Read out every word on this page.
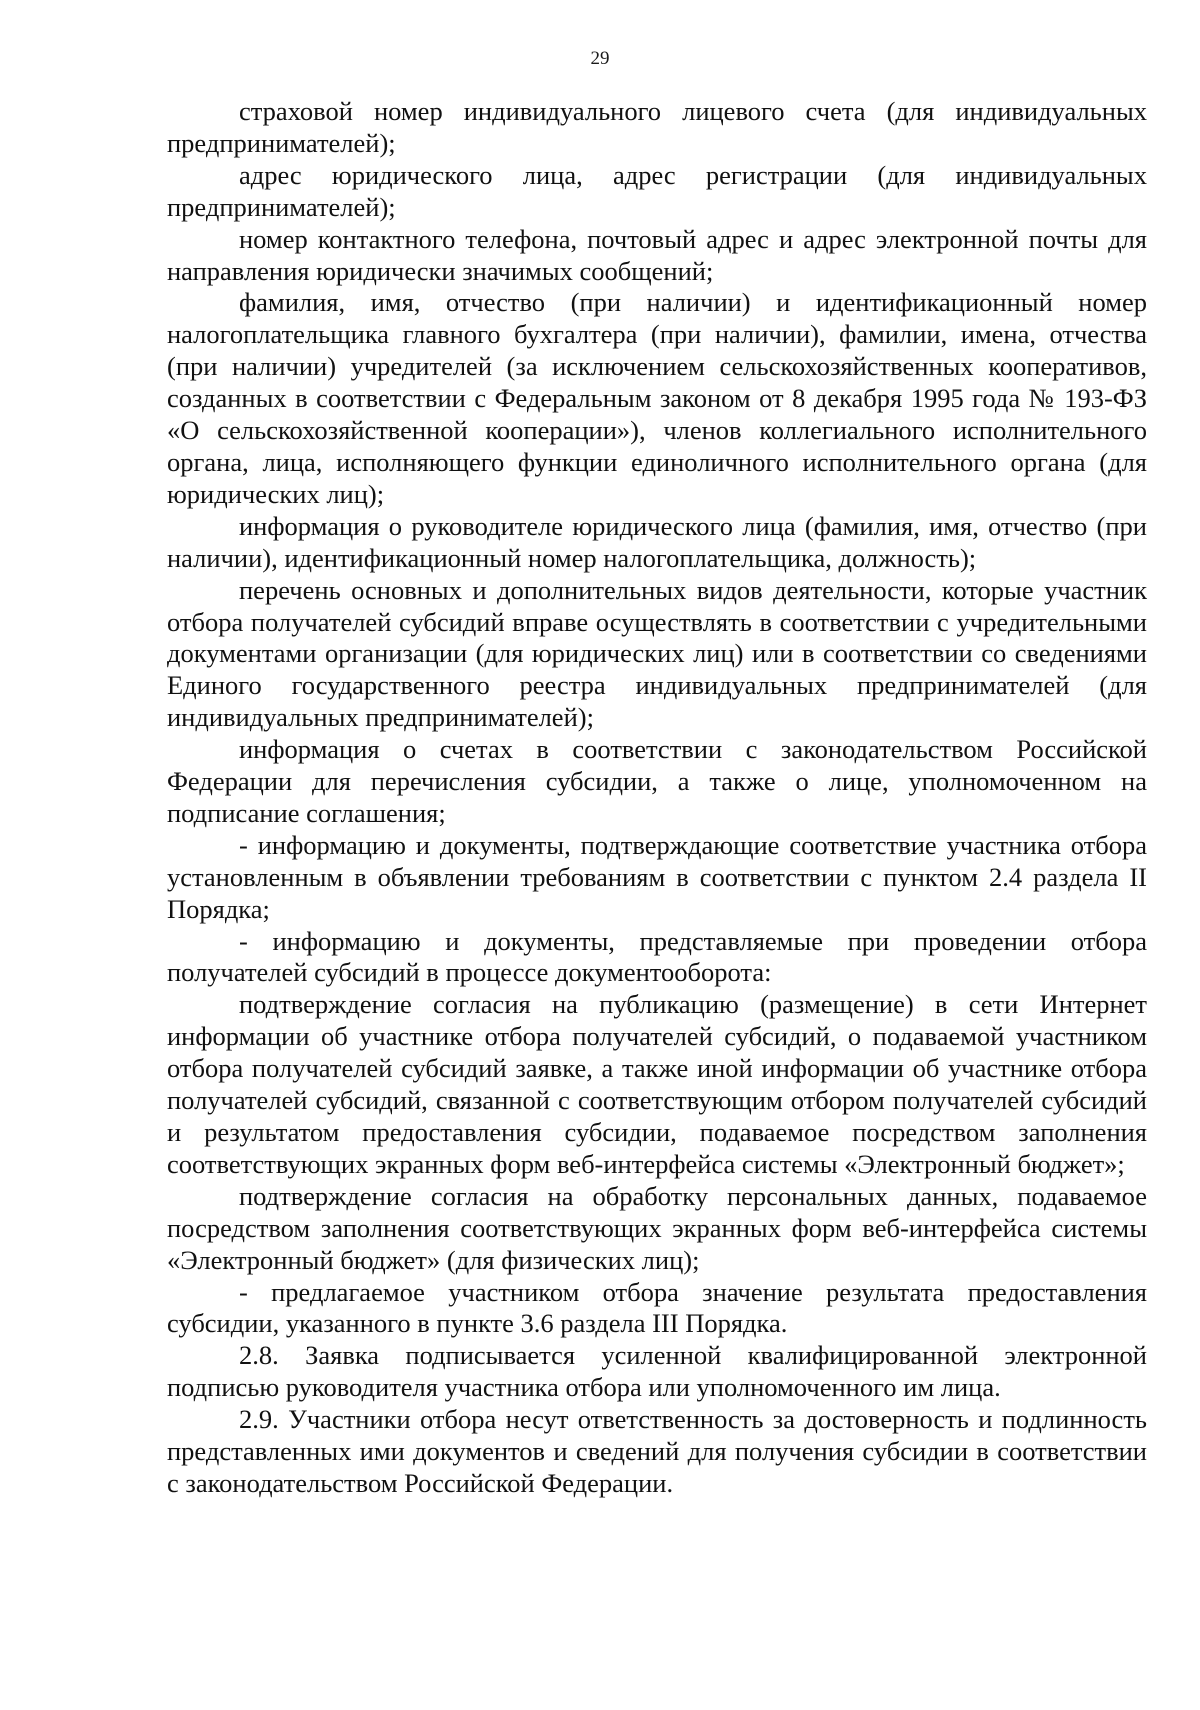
29

страховой номер индивидуального лицевого счета (для индивидуальных предпринимателей);

адрес юридического лица, адрес регистрации (для индивидуальных предпринимателей);

номер контактного телефона, почтовый адрес и адрес электронной почты для направления юридически значимых сообщений;

фамилия, имя, отчество (при наличии) и идентификационный номер налогоплательщика главного бухгалтера (при наличии), фамилии, имена, отчества (при наличии) учредителей (за исключением сельскохозяйственных кооперативов, созданных в соответствии с Федеральным законом от 8 декабря 1995 года № 193-ФЗ «О сельскохозяйственной кооперации»), членов коллегиального исполнительного органа, лица, исполняющего функции единоличного исполнительного органа (для юридических лиц);

информация о руководителе юридического лица (фамилия, имя, отчество (при наличии), идентификационный номер налогоплательщика, должность);

перечень основных и дополнительных видов деятельности, которые участник отбора получателей субсидий вправе осуществлять в соответствии с учредительными документами организации (для юридических лиц) или в соответствии со сведениями Единого государственного реестра индивидуальных предпринимателей (для индивидуальных предпринимателей);

информация о счетах в соответствии с законодательством Российской Федерации для перечисления субсидии, а также о лице, уполномоченном на подписание соглашения;

- информацию и документы, подтверждающие соответствие участника отбора установленным в объявлении требованиям в соответствии с пунктом 2.4 раздела II Порядка;

- информацию и документы, представляемые при проведении отбора получателей субсидий в процессе документооборота:

подтверждение согласия на публикацию (размещение) в сети Интернет информации об участнике отбора получателей субсидий, о подаваемой участником отбора получателей субсидий заявке, а также иной информации об участнике отбора получателей субсидий, связанной с соответствующим отбором получателей субсидий и результатом предоставления субсидии, подаваемое посредством заполнения соответствующих экранных форм веб-интерфейса системы «Электронный бюджет»;

подтверждение согласия на обработку персональных данных, подаваемое посредством заполнения соответствующих экранных форм веб-интерфейса системы «Электронный бюджет» (для физических лиц);

- предлагаемое участником отбора значение результата предоставления субсидии, указанного в пункте 3.6 раздела III Порядка.

2.8. Заявка подписывается усиленной квалифицированной электронной подписью руководителя участника отбора или уполномоченного им лица.

2.9. Участники отбора несут ответственность за достоверность и подлинность представленных ими документов и сведений для получения субсидии в соответствии с законодательством Российской Федерации.
